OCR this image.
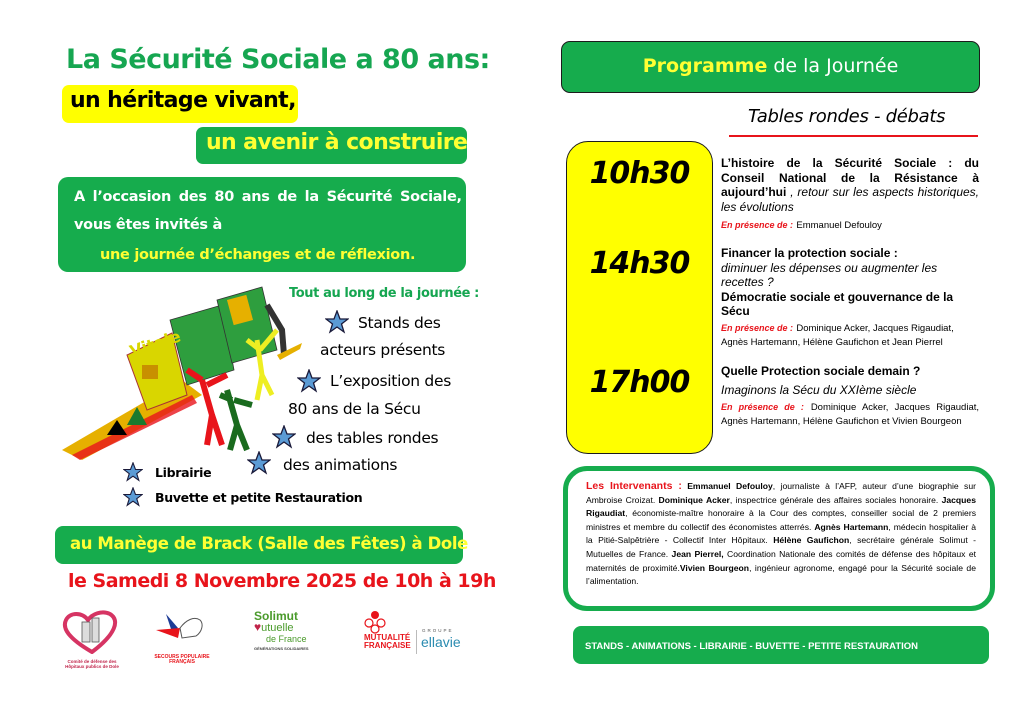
La Sécurité Sociale a 80 ans:
un héritage vivant,
un avenir à construire
A l’occasion des 80 ans de la Sécurité Sociale,
vous êtes invités à
une journée d’échanges et de réflexion.
Vitale
Tout au long de la journée :
Stands des
acteurs présents
L’exposition des
80 ans de la Sécu
des tables rondes
des animations
Librairie
Buvette et petite Restauration
au Manège de Brack (Salle des Fêtes) à Dole
le Samedi 8 Novembre 2025 de 10h à 19h
Comité de défense des Hôpitaux publics de Dole
SECOURS POPULAIRE FRANÇAIS
Solimut
♥utuelle
de France
GÉNÉRATIONS SOLIDAIRES
MUTUALITÉ
FRANÇAISE
GROUPE
ellavie
Programme de la Journée
Tables rondes - débats
10h30
14h30
17h00
L’histoire de la Sécurité Sociale : du Conseil National de la Résistance à aujourd’hui , retour sur les aspects historiques, les évolutions
En présence de : Emmanuel Defouloy
Financer la protection sociale :
diminuer les dépenses ou augmenter les recettes ?
Démocratie sociale et gouvernance de la Sécu
En présence de : Dominique Acker, Jacques Rigaudiat, Agnès Hartemann, Hélène Gaufichon et Jean Pierrel
Quelle Protection sociale demain ?
Imaginons la Sécu du XXIème siècle
En présence de : Dominique Acker, Jacques Rigaudiat, Agnès Hartemann, Hélène Gaufichon et Vivien Bourgeon
Les Intervenants : Emmanuel Defouloy, journaliste à l’AFP, auteur d’une biographie sur Ambroise Croizat. Dominique Acker, inspectrice générale des affaires sociales honoraire. Jacques Rigaudiat, économiste-maître honoraire à la Cour des comptes, conseiller social de 2 premiers ministres et membre du collectif des économistes atterrés. Agnès Hartemann, médecin hospitalier à la Pitié-Salpêtrière - Collectif Inter Hôpitaux. Hélène Gaufichon, secrétaire générale Solimut -Mutuelles de France. Jean Pierrel, Coordination Nationale des comités de défense des hôpitaux et maternités de proximité.Vivien Bourgeon, ingénieur agronome, engagé pour la Sécurité sociale de l’alimentation.
STANDS - ANIMATIONS - LIBRAIRIE - BUVETTE - PETITE RESTAURATION
